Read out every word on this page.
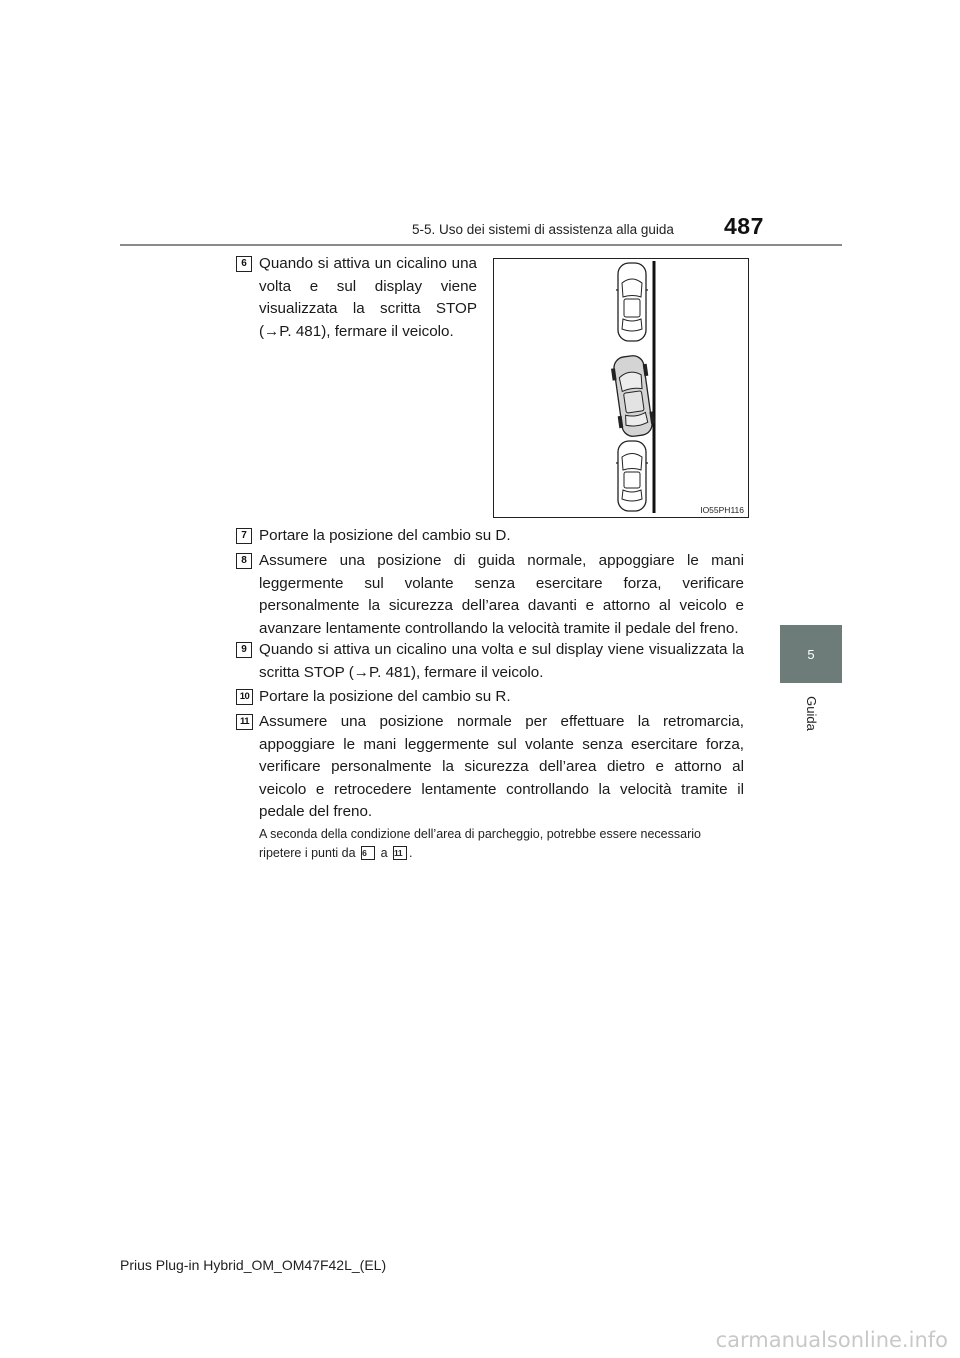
5-5. Uso dei sistemi di assistenza alla guida	487
5
Guida
6 Quando si attiva un cicalino una volta e sul display viene visualizzata la scritta STOP (→P. 481), fermare il veicolo.
IO55PH116
7 Portare la posizione del cambio su D.
8 Assumere una posizione di guida normale, appoggiare le mani leggermente sul volante senza esercitare forza, verificare personalmente la sicurezza dell’area davanti e attorno al veicolo e avanzare lentamente controllando la velocità tramite il pedale del freno.
9 Quando si attiva un cicalino una volta e sul display viene visualizzata la scritta STOP (→P. 481), fermare il veicolo.
10 Portare la posizione del cambio su R.
11 Assumere una posizione normale per effettuare la retromarcia, appoggiare le mani leggermente sul volante senza esercitare forza, verificare personalmente la sicurezza dell’area dietro e attorno al veicolo e retrocedere lentamente controllando la velocità tramite il pedale del freno.
A seconda della condizione dell’area di parcheggio, potrebbe essere necessario
ripetere i punti da 6 a 11 .
Prius Plug-in Hybrid_OM_OM47F42L_(EL)
carmanualsonline.info
